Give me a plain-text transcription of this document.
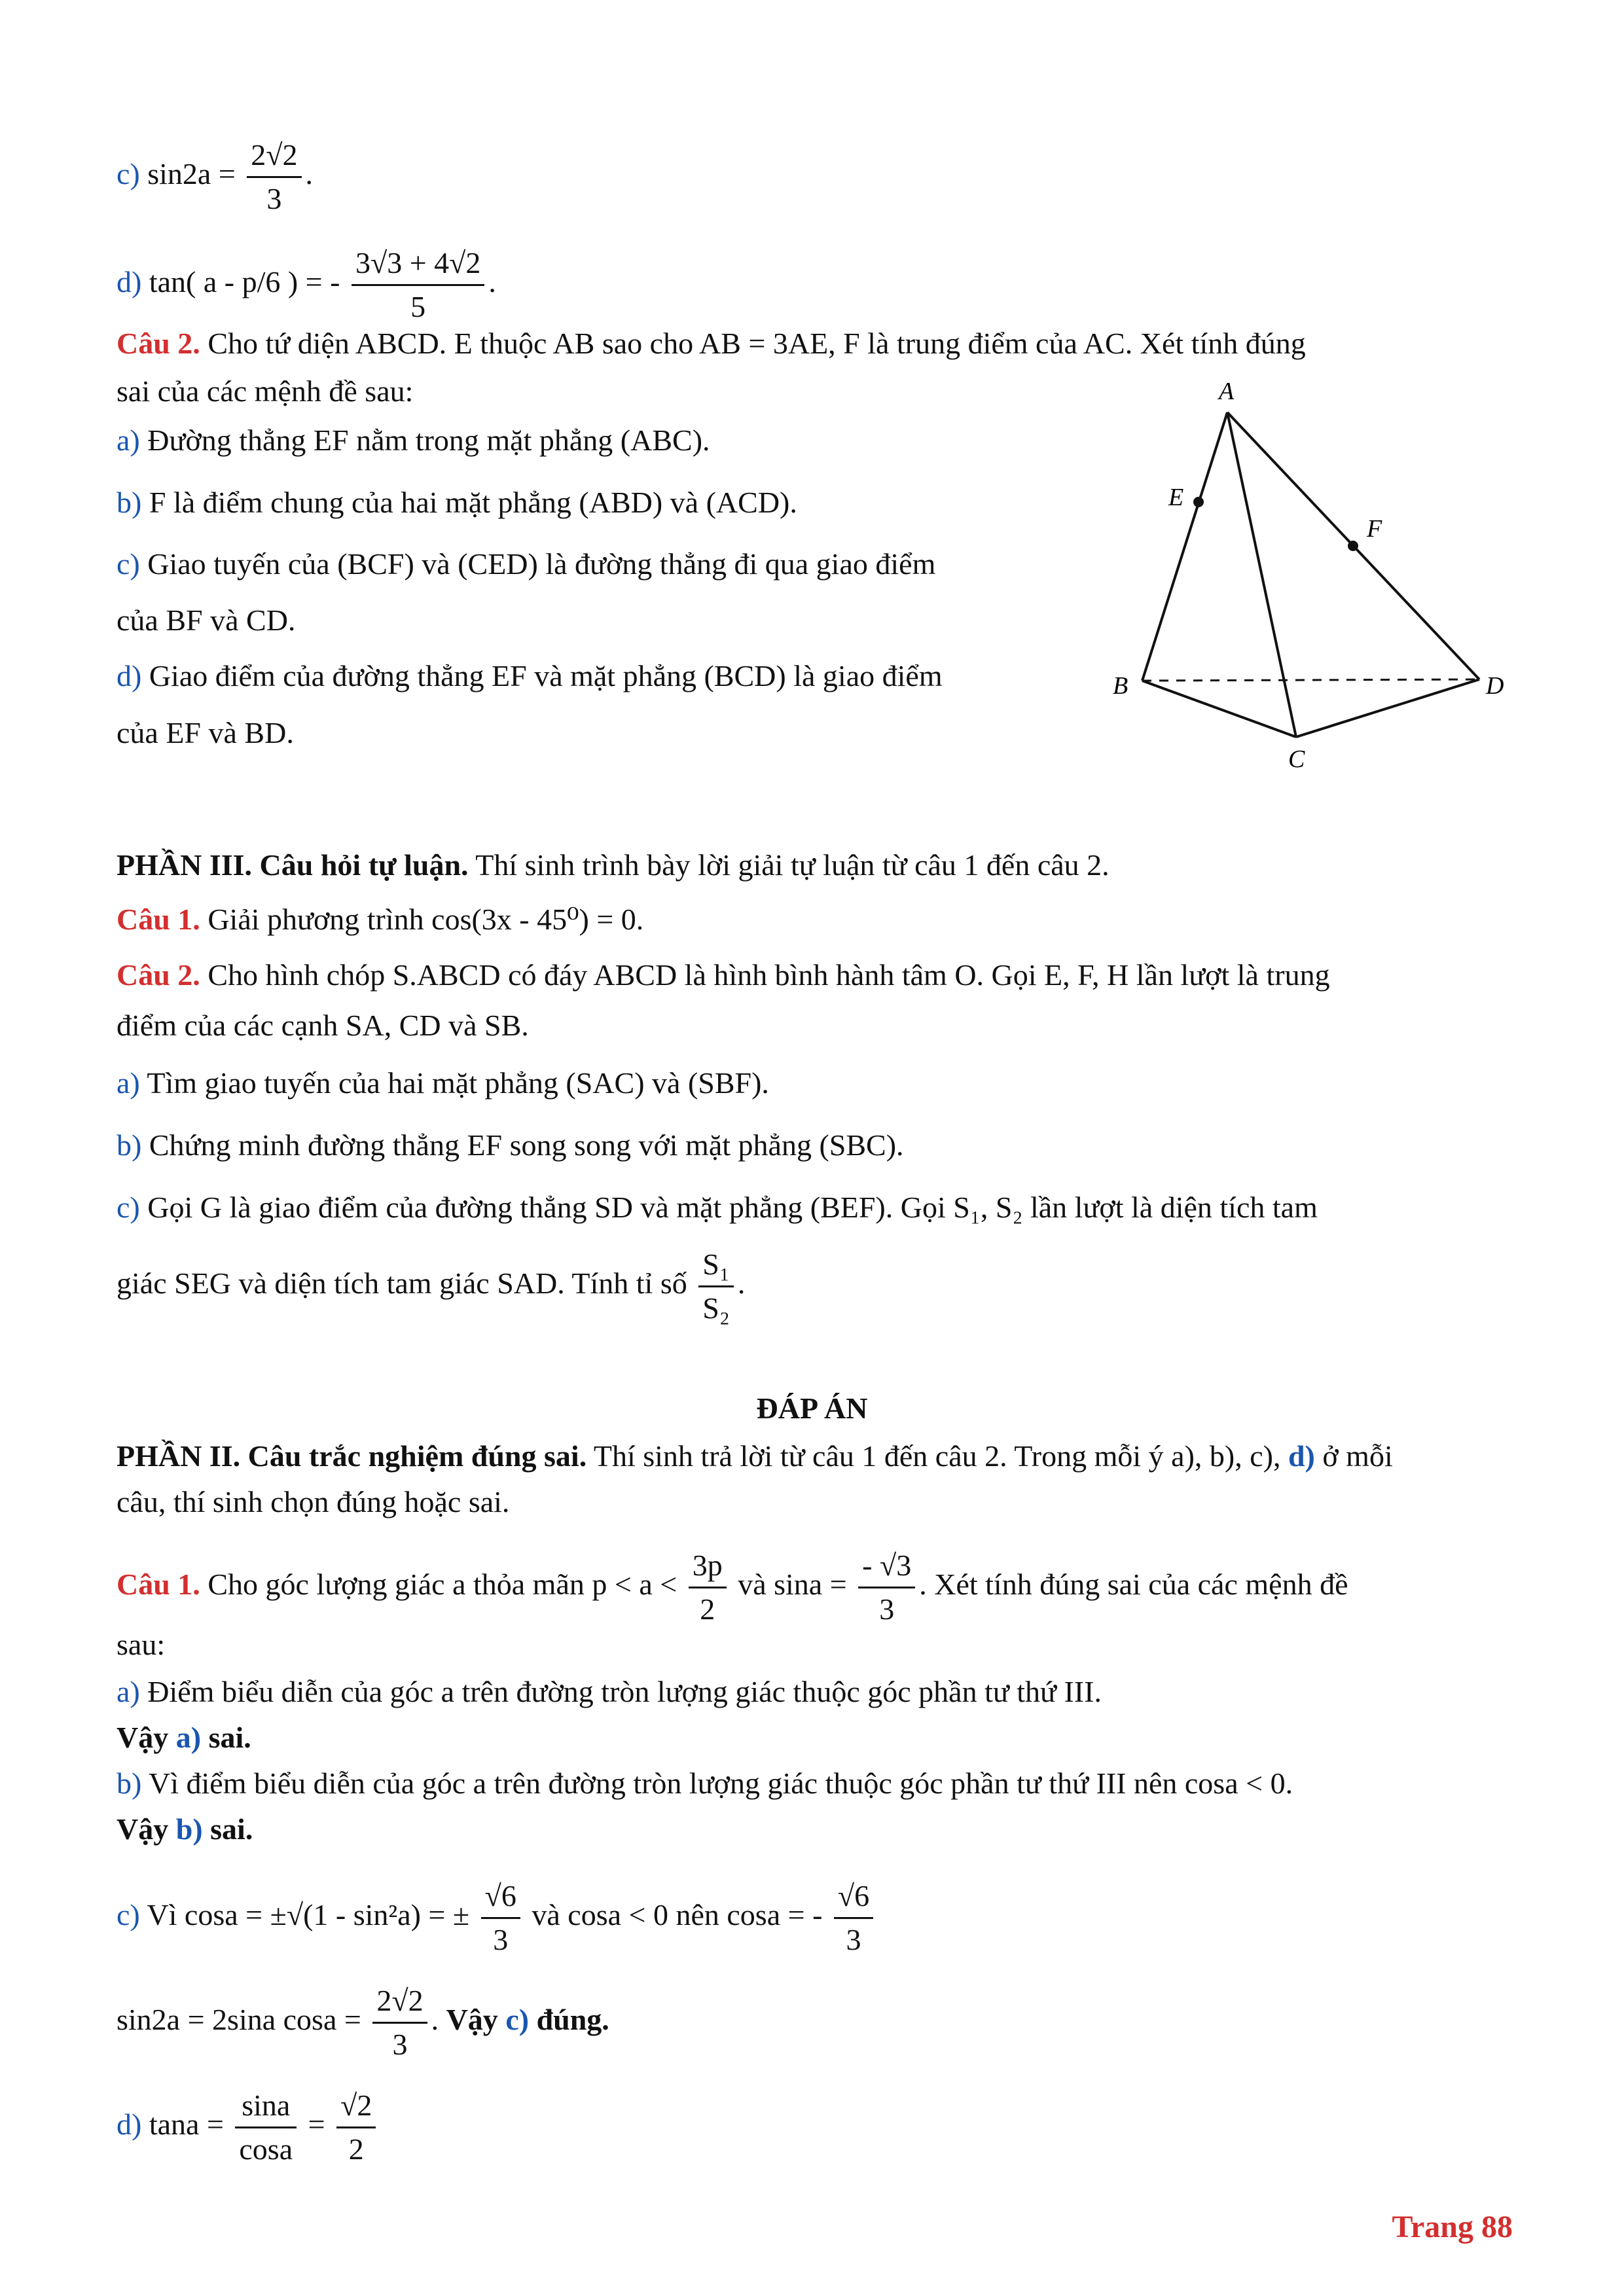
c) $\sin 2a = \frac{2√2}{3}$ .
d) tan( a - p/6 ) = - $\frac{3√3 + 4√2}{5}$ .
Câu 2. Cho tứ diện ABCD. E thuộc AB sao cho AB = 3AE, F là trung điểm của AC. Xét tính đúng
sai của các mệnh đề sau:
a) Đường thẳng EF nằm trong mặt phẳng (ABC).
b) F là điểm chung của hai mặt phẳng (ABD) và (ACD).
c) Giao tuyến của (BCF) và (CED) là đường thẳng đi qua giao điểm
của BF và CD.
d) Giao điểm của đường thẳng EF và mặt phẳng (BCD) là giao điểm
của EF và BD.
A
B
C
D
E
F
PHẦN III. Câu hỏi tự luận. Thí sinh trình bày lời giải tự luận từ câu 1 đến câu 2.
Câu 1. Giải phương trình cos(3x - 45⁰) = 0.
Câu 2. Cho hình chóp S.ABCD có đáy ABCD là hình bình hành tâm O. Gọi E, F, H lần lượt là trung
điểm của các cạnh SA, CD và SB.
a) Tìm giao tuyến của hai mặt phẳng (SAC) và (SBF).
b) Chứng minh đường thẳng EF song song với mặt phẳng (SBC).
c) Gọi G là giao điểm của đường thẳng SD và mặt phẳng (BEF). Gọi S₁, S₂ lần lượt là diện tích tam
giác SEG và diện tích tam giác SAD. Tính tỉ số $\frac{\text{S₁}}{\text{S₂}}$ .
ĐÁP ÁN
PHẦN II. Câu trắc nghiệm đúng sai. Thí sinh trả lời từ câu 1 đến câu 2. Trong mỗi ý a), b), c), d) ở mỗi
câu, thí sinh chọn đúng hoặc sai.
Câu 1. Cho góc lượng giác a thỏa mãn $p < a < \frac{3p}{2}$ và $\sin a = \frac{- √3}{3}$ . Xét tính đúng sai của các mệnh đề
sau:
a) Điểm biểu diễn của góc a trên đường tròn lượng giác thuộc góc phần tư thứ III.
Vậy a) sai.
b) Vì điểm biểu diễn của góc a trên đường tròn lượng giác thuộc góc phần tư thứ III nên cosa < 0.
Vậy b) sai.
c) Vì cosa = ±√(1 - sin²a) = ± $\frac{√6}{3}$ và cosa < 0 nên cosa = - $\frac{√6}{3}$
sin2a = 2sina $\cos a = \frac{2√2}{3}$ . Vậy c) đúng.
d) $\tan a = \frac{\sin a}{\cos a} = \frac{√2}{2}$
Trang 88
